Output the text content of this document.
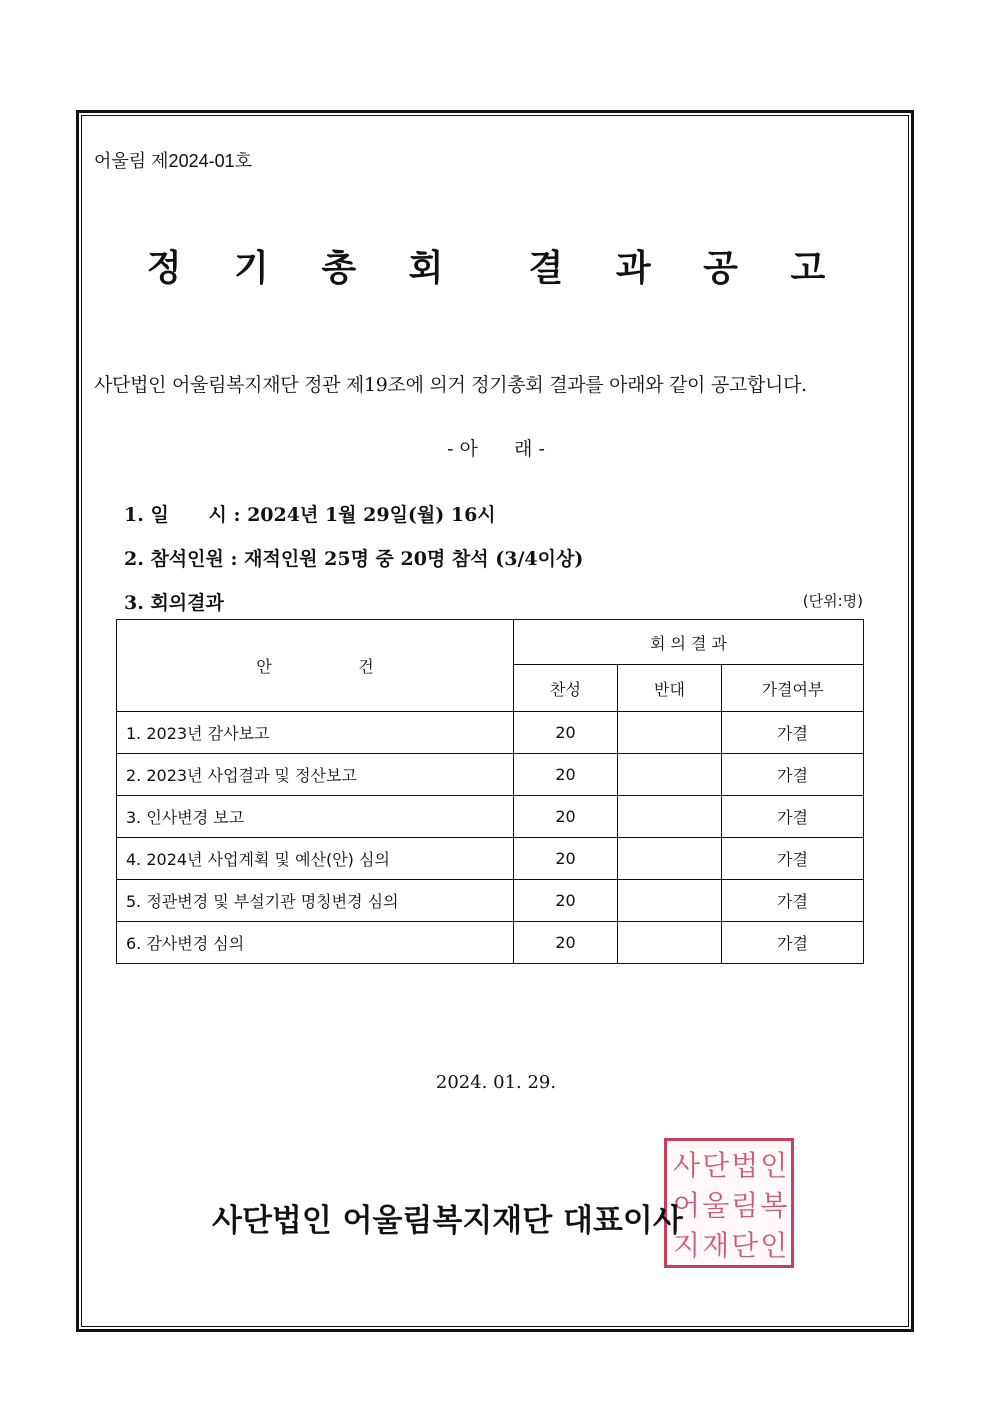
어울림 제2024-01호
정 기 총 회  결 과 공 고
사단법인 어울림복지재단 정관 제19조에 의거 정기총회 결과를 아래와 같이 공고합니다.
- 아      래 -
1. 일      시 : 2024년 1월 29일(월) 16시
2. 참석인원 : 재적인원 25명 중 20명 참석 (3/4이상)
3. 회의결과	(단위:명)
안                 건	회 의 결 과		
	찬성	반대	가결여부
1. 2023년 감사보고	20		가결
2. 2023년 사업결과 및 정산보고	20		가결
3. 인사변경 보고	20		가결
4. 2024년 사업계획 및 예산(안) 심의	20		가결
5. 정관변경 및 부설기관 명칭변경 심의	20		가결
6. 감사변경 심의	20		가결
2024. 01. 29.
사 단 법 인
어 울 림 복
지 재 단 인
사단법인 어울림복지재단 대표이사
